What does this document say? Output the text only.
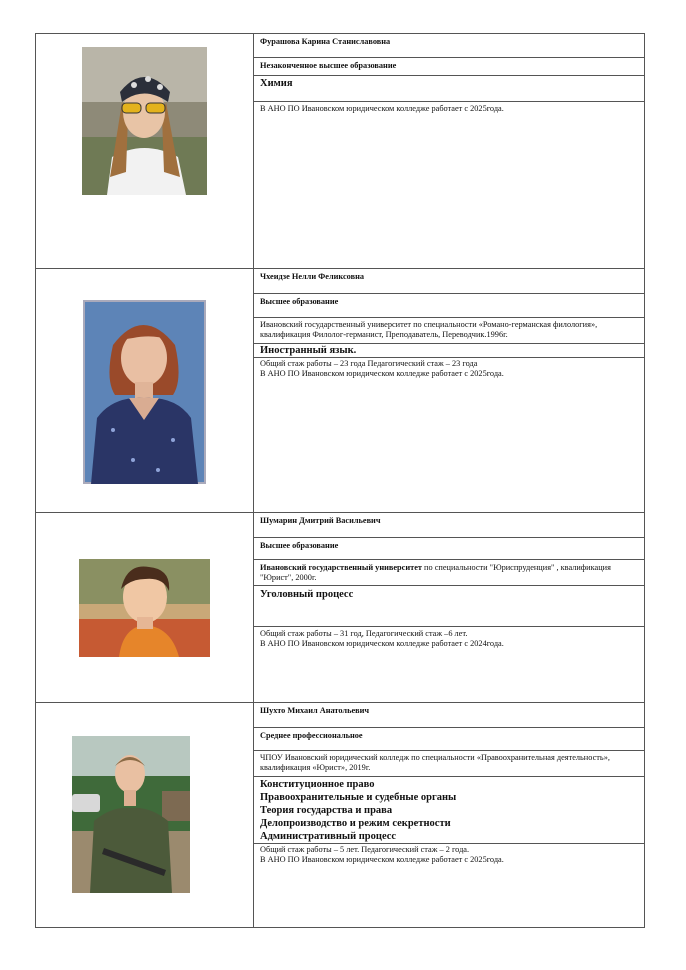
Фурашова Карина Станиславовна
Незаконченное высшее образование
Химия
В АНО ПО Ивановском юридическом колледже работает с 2025года.
Чхеидзе Нелли Феликсовна
Высшее образование
Ивановский государственный университет по специальности «Романо-германская филология», квалификация Филолог-германист, Преподаватель, Переводчик.1996г.
Иностранный язык.
Общий стаж работы – 23 года Педагогический стаж – 23 года
В АНО ПО Ивановском юридическом колледже работает с 2025года.
Шумарин Дмитрий Васильевич
Высшее образование
Ивановский государственный университет по специальности "Юриспруденция" , квалификация "Юрист", 2000г.
Уголовный процесс
Общий стаж работы – 31 год, Педагогический стаж –6 лет.
В АНО ПО Ивановском юридическом колледже работает с 2024года.
Шухто Михаил Анатольевич
Среднее профессиональное
ЧПОУ Ивановский юридический колледж по специальности «Правоохранительная деятельность», квалификация «Юрист», 2019г.
Конституционное право
Правоохранительные и судебные органы
Теория государства и права
Делопроизводство и режим секретности
Административный процесс
Общий стаж работы – 5 лет. Педагогический стаж – 2 года.
В АНО ПО Ивановском юридическом колледже работает с 2025года.
